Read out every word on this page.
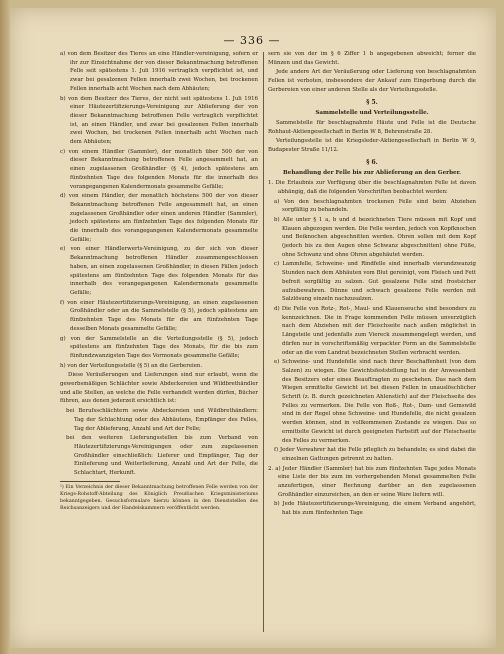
— 336 —

a) von dem Besitzer des Tieres an eine Händler-vereinigung, sofern er ihr zur Einsichtnahme der von dieser Bekanntmachung betroffenen Felle seit spätestens 1. Juli 1916 vertraglich verpflichtet ist, und zwar bei gesalzenen Fellen innerhalb zwei Wochen, bei trockenen Fellen innerhalb acht Wochen nach dem Abhäuten;

b) von dem Besitzer des Tieres, der nicht seit spätestens 1. Juli 1916 einer Häutezertifizierungs-Vereinigung zur Ablieferung der von dieser Bekanntmachung betroffenen Felle vertraglich verpflichtet ist, an einen Händler, und zwar bei gesalzenen Fellen innerhalb zwei Wochen, bei trockenen Fellen innerhalb acht Wochen nach dem Abhäuten;

c) von einem Händler (Sammler), der monatlich über 500 der von dieser Bekanntmachung betroffenen Felle angesammelt hat, an einen zugelassenen Großhändler (§ 4), jedoch spätestens am fünfzehnten Tage des folgenden Monats für die innerhalb des vorangegangenen Kalendermonats gesammelte Gefälle;

d) von einem Händler, der monatlich höchstens 500 der von dieser Bekanntmachung betroffenen Felle angesammelt hat, an einen zugelassenen Großhändler oder einen anderen Händler (Sammler), jedoch spätestens am fünfzehnten Tage des folgenden Monats für die innerhalb des vorangegangenen Kalendermonats gesammelte Gefälle;

e) von einer Händlerwerts-Vereinigung, zu der sich von dieser Bekanntmachung betroffenen Händler zusammengeschlossen haben, an einen zugelassenen Großhändler, in diesen Fällen jedoch spätestens am fünfzehnten Tage des folgenden Monats für das innerhalb des vorangegangenen Kalendermonats gesammelte Gefälle;

f) von einer Häutezertifizierungs-Vereinigung, an einen zugelassenen Großhändler oder an die Sammelstelle (§ 5), jedoch spätestens am fünfzehnten Tage des Monats für die am fünfzehnten Tage desselben Monats gesammelte Gefälle;

g) von der Sammelstelle an die Verteilungsstelle (§ 5), jedoch spätestens am fünfzehnten Tage des Monats, für die bis zum fünfundzwanzigsten Tage des Vormonats gesammelte Gefälle;

h) von der Verteilungsstelle (§ 5) an die Gerbereien.

Diese Veräußerungen und Lieferungen sind nur erlaubt, wenn die gewerbsmäßigen Schlächter sowie Abdeckereien und Wildbrethändler und alle Stellen, an welche die Felle verhandelt werden dürfen, Bücher führen, aus denen jederzeit ersichtlich ist:

bei Berufsschlächtern sowie Abdeckereien und Wildbrethändlern: Tag der Schlachtung oder des Abhäutens, Empfänger des Felles, Tag der Ablieferung, Anzahl und Art der Felle;

bei den weiteren Lieferungsstellen bis zum Verband von Häutezertifizierungs-Vereinigungen oder zum zugelassenen Großhändler einschließlich: Lieferer und Empfänger, Tag der Einlieferung und Weiterlieferung, Anzahl und Art der Felle, die Schlachtart, Herkunft.

¹) Ein Verzeichnis der dieser Bekanntmachung betroffenen Felle werden von der Kriegs-Rohstoff-Abteilung des Königlich Preußischen Kriegsministeriums bekanntgegeben. Gesuchsformulare hierzu können in den Dienststellen des Reichsanzeigers und der Handelskammern veröffentlicht werden.

sern sie von der im § 6 Ziffer 1 b angegebenen abweicht; ferner die Münzen und das Gewicht.

Jede andere Art der Veräußerung oder Lieferung von beschlagnahmten Fellen ist verboten, insbesondere der Ankauf zum Eingerbung durch die Gerbereien von einer anderen Stelle als der Verteilungsstelle.

§ 5.
Sammelstelle und Verteilungsstelle.

Sammelstelle für beschlagnahmte Häute und Felle ist die Deutsche Rohhaut-Aktiengesellschaft in Berlin W 8, Behrenstraße 28.

Verteilungsstelle ist die Kriegsleder-Aktiengesellschaft in Berlin W 9, Budapester Straße 11/12.

§ 6.
Behandlung der Felle bis zur Ablieferung an den Gerber.

1. Die Erlaubnis zur Verfügung über die beschlagnahmten Felle ist davon abhängig, daß die folgenden Vorschriften beobachtet werden:

a) Von den beschlagnahmten trockenen Felle sind beim Abziehen sorgfältig zu behandeln.

b) Alle unter § 1 a, b und d bezeichneten Tiere müssen mit Kopf und Klauen abgezogen werden. Die Felle werden, jedoch von Kopfknochen und Beiknochen abgeschnitten werden. Ohren sollen mit dem Kopf (jedoch bis zu den Augen ohne Schwanz abgeschnitten) ohne Füße, ohne Schwanz und ohne Ohren abgehäutet werden.

c) Lammfelle, Schweine- und Rindfelle sind innerhalb vierundzwanzig Stunden nach dem Abhäuten vom Blut gereinigt, vom Fleisch und Fett befreit sorgfältig zu salzen. Gut gesalzene Felle sind frostsicher aufzubewahren. Dünne und schwach gesalzene Felle werden mit Salzlösung einzeln nachzusalzen.

d) Die Felle von Rotz-, Rot-, Maul- und Klauenseuche sind besonders zu kennzeichnen. Die in Frage kommenden Felle müssen unverzüglich nach dem Abziehen mit der Fleischseite nach außen möglichst in Längsteile und jedenfalls zum Viereck zusammengelegt werden, und dürfen nur in vorschriftsmäßig verpackter Form an die Sammelstelle oder an die vom Landrat bezeichneten Stellen verbracht werden.

e) Schweine- und Hundefelle sind nach ihrer Beschaffenheit (von dem Salzen) zu wiegen. Die Gewichtsfeststellung hat in der Anwesenheit des Besitzers oder eines Beauftragten zu geschehen. Das nach dem Wiegen ermittelte Gewicht ist bei diesen Fellen in unauslöschlicher Schrift (z. B. durch gezeichneten Ahlenstich) auf der Fleischseite des Felles zu vermerken. Die Felle von Roß-, Rot-, Dam- und Gemswild sind in der Regel ohne Schweine- und Hundefelle, die nicht gesalzen werden können, sind in vollkommenen Zustande zu wiegen. Das so ermittelte Gewicht ist durch geeigneten Farbstift auf der Fleischseite des Felles zu vermerken.

f) Jeder Verwahrer hat die Felle pfleglich zu behandeln; es sind dabei die einzelnen Gattungen getrennt zu halten.

2. a) Jeder Händler (Sammler) hat bis zum fünfzehnten Tage jedes Monats eine Liste der bis zum im vorhergehenden Monat gesammelten Felle anzufertigen, einer Rechnung darüber an den zugelassenen Großhändler einzureichen, an den er seine Ware liefern will.

b) Jede Häutezertifizierungs-Vereinigung, die einem Verband angehört, hat bis zum fünfzehnten Tage
